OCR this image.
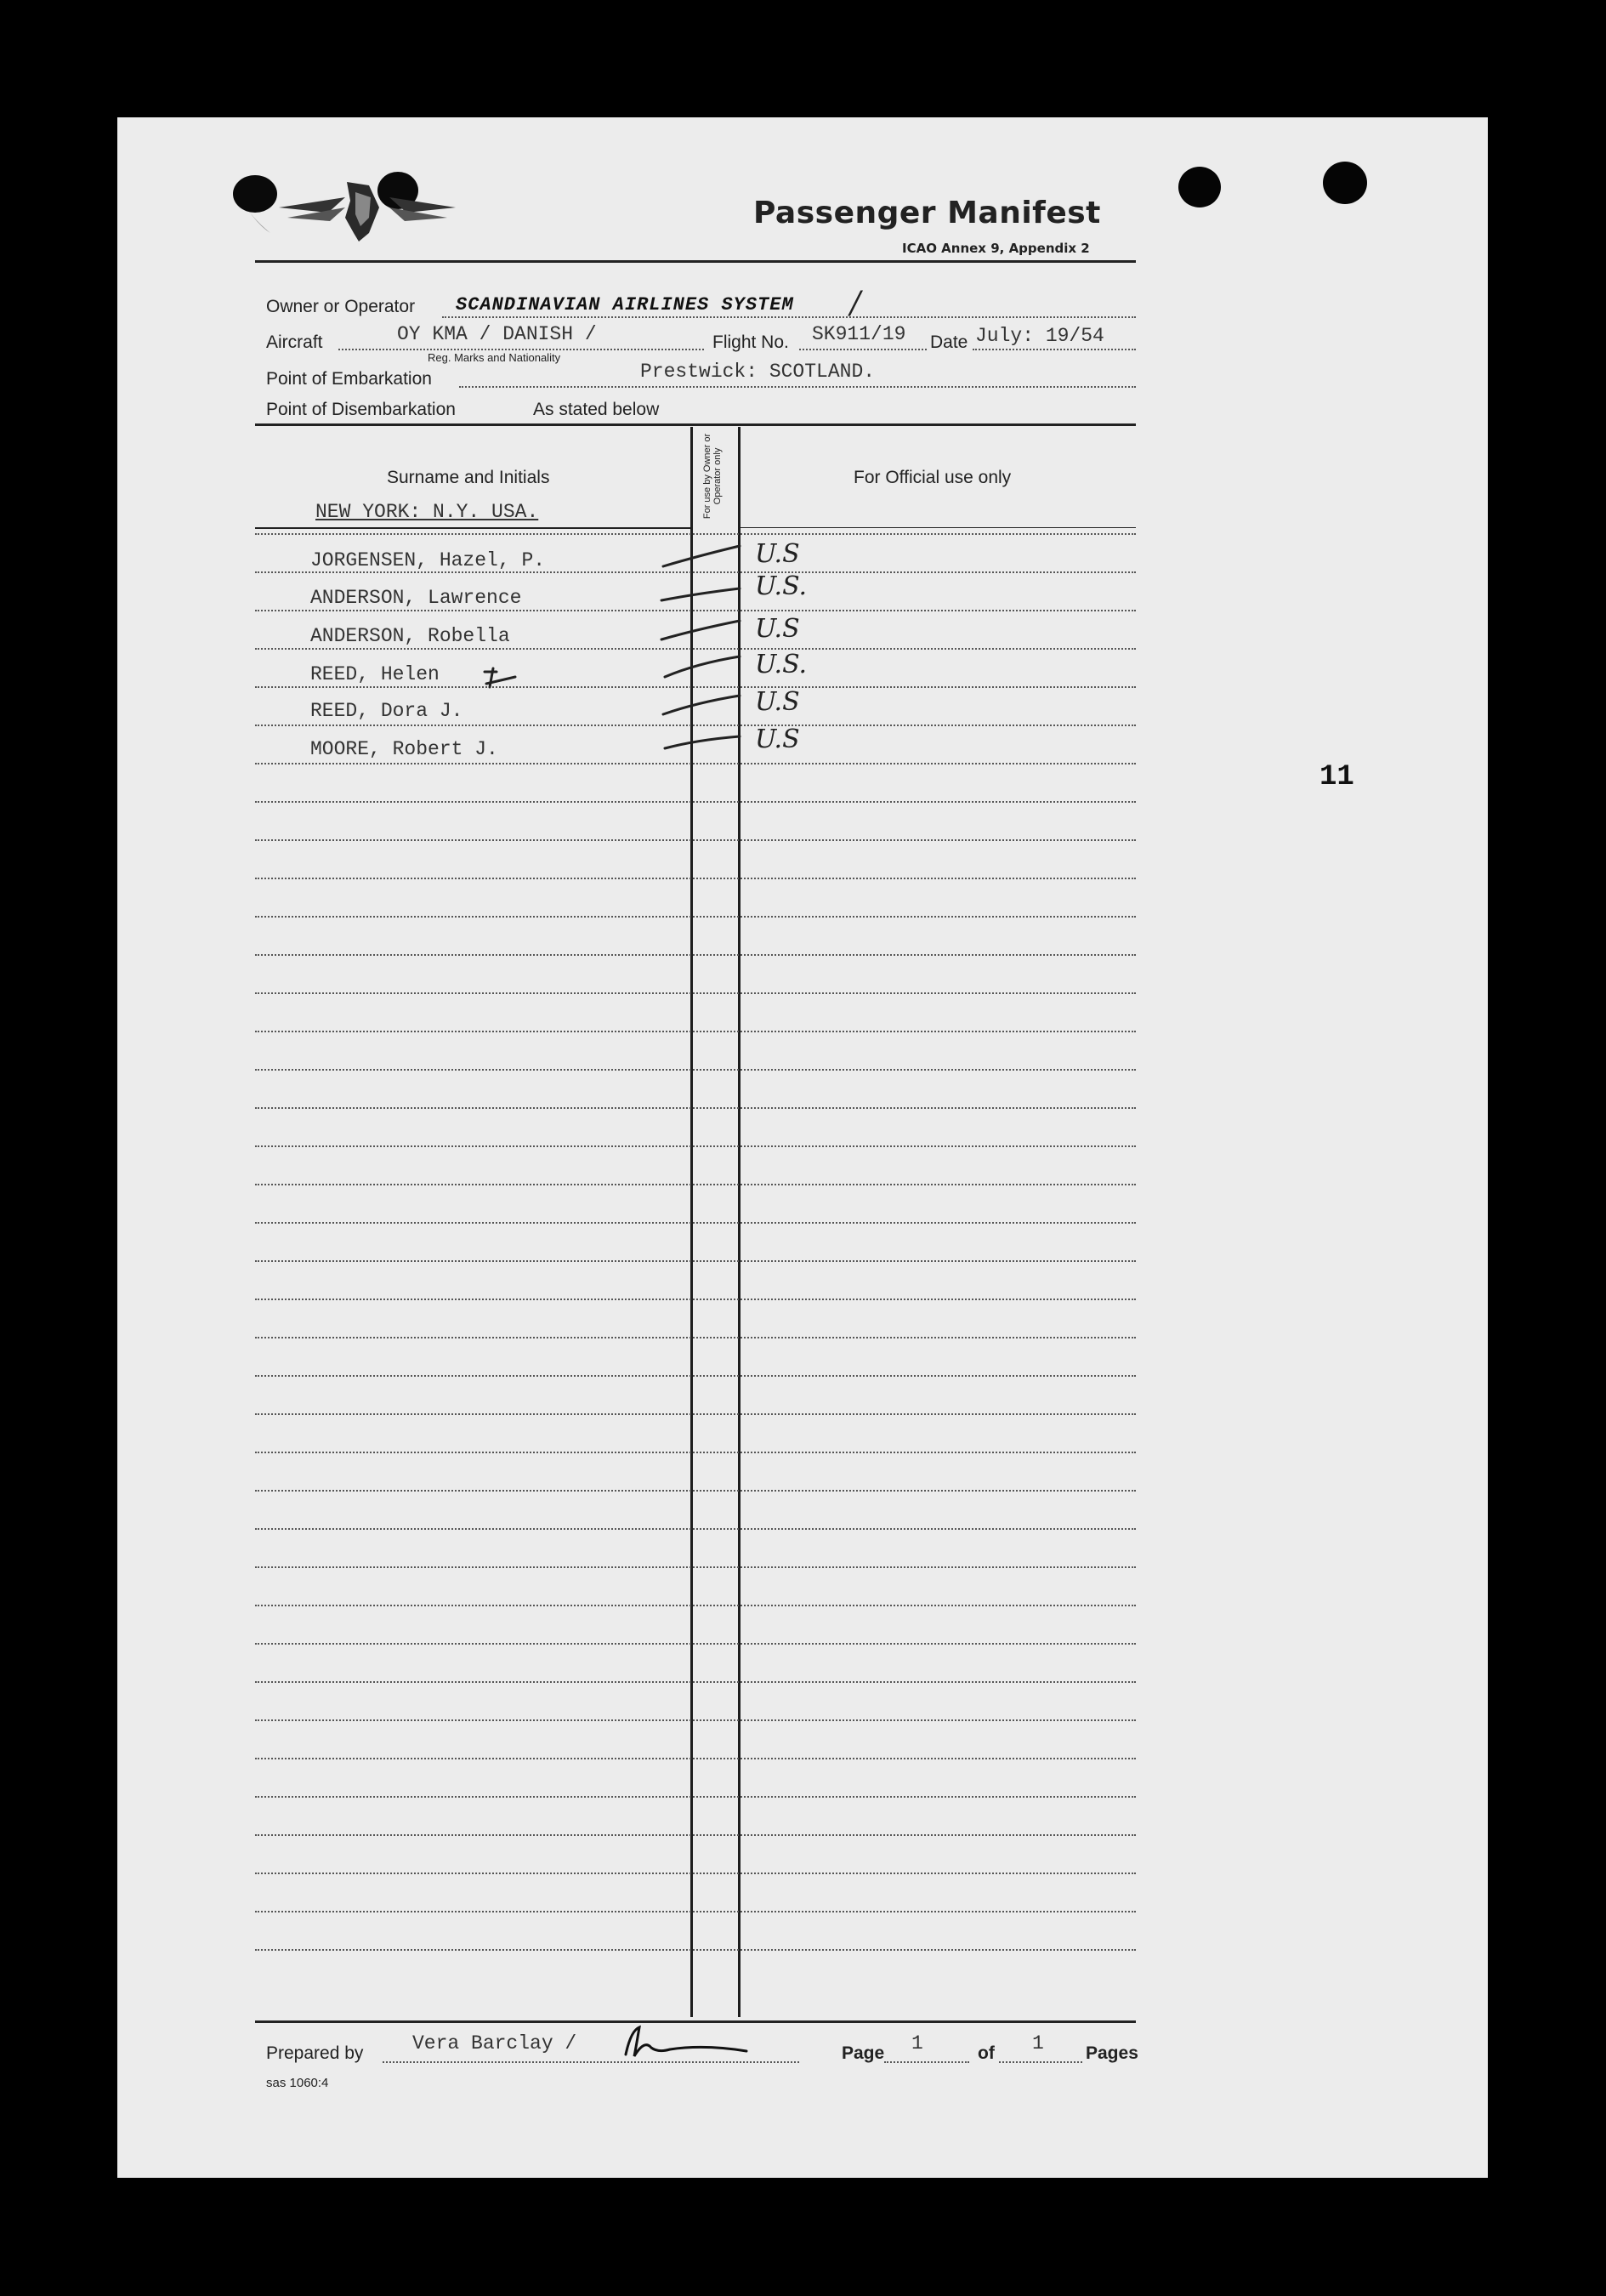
Passenger Manifest
ICAO Annex 9, Appendix 2
Owner or Operator SCANDINAVIAN AIRLINES SYSTEM /
Aircraft	OY KMA / DANISH /
Reg. Marks and Nationality
Flight No. SK911/19 Date July: 19/54
Point of Embarkation	Prestwick: SCOTLAND.
Point of Disembarkation	As stated below
Surname and Initials	For use by Owner or Operator only	For Official use only
NEW YORK: N.Y. USA.
JORGENSEN, Hazel, P.	U.S
ANDERSON, Lawrence	U.S.
ANDERSON, Robella	U.S
REED, Helen	U.S.
REED, Dora J.	U.S
MOORE, Robert J.	U.S
11
Prepared by	Vera Barclay /	Page 1	of 1 Pages
sas 1060:4
